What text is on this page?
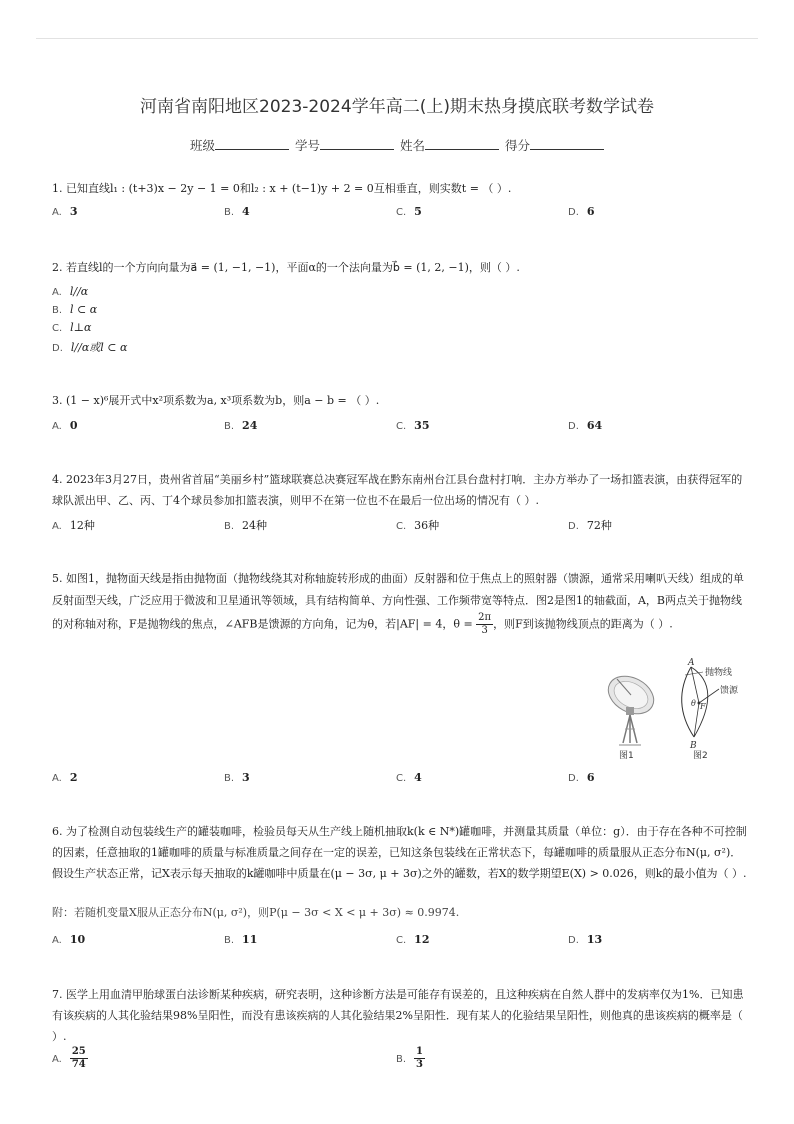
河南省南阳地区2023-2024学年高二(上)期末热身摸底联考数学试卷
班级	学号	姓名	得分
1. 已知直线l₁ : (t+3)x − 2y − 1 = 0和l₂ : x + (t−1)y + 2 = 0互相垂直，则实数t = （ ）.
A. 3	B. 4	C. 5	D. 6
2. 若直线l的一个方向向量为a⃗ = (1, −1, −1)，平面α的一个法向量为b⃗ = (1, 2, −1)，则（ ）.
A. l//α
B. l ⊂ α
C. l⊥α
D. l//α或l ⊂ α
3. (1 − x)⁶展开式中x²项系数为a, x³项系数为b，则a − b = （ ）.
A. 0	B. 24	C. 35	D. 64
4. 2023年3月27日，贵州省首届“美丽乡村”篮球联赛总决赛冠军战在黔东南州台江县台盘村打响．主办方举办了一场扣篮表演，由获得冠军的球队派出甲、乙、丙、丁4个球员参加扣篮表演，则甲不在第一位也不在最后一位出场的情况有（ ）.
A. 12种	B. 24种	C. 36种	D. 72种
5. 如图1，抛物面天线是指由抛物面（抛物线绕其对称轴旋转形成的曲面）反射器和位于焦点上的照射器（馈源，通常采用喇叭天线）组成的单反射面型天线，广泛应用于微波和卫星通讯等领域，具有结构简单、方向性强、工作频带宽等特点．图2是图1的轴截面，A，B两点关于抛物线的对称轴对称，F是抛物线的焦点，∠AFB是馈源的方向角，记为θ，若|AF| = 4，$\theta = \frac{2\pi}{3}$ ，则F到该抛物线顶点的距离为（ ）.
图1
A
B
F
θ
抛物线
馈源
图2
A. 2	B. 3	C. 4	D. 6
6. 为了检测自动包装线生产的罐装咖啡，检验员每天从生产线上随机抽取k(k ∈ N*)罐咖啡，并测量其质量（单位：g）．由于存在各种不可控制的因素，任意抽取的1罐咖啡的质量与标准质量之间存在一定的误差，已知这条包装线在正常状态下，每罐咖啡的质量服从正态分布N(μ, σ²)．假设生产状态正常，记X表示每天抽取的k罐咖啡中质量在(μ − 3σ, μ + 3σ)之外的罐数，若X的数学期望E(X) > 0.026，则k的最小值为（ ）.
附：若随机变量X服从正态分布N(μ, σ²)，则P(μ − 3σ < X < μ + 3σ) ≈ 0.9974.
A. 10	B. 11	C. 12	D. 13
7. 医学上用血清甲胎球蛋白法诊断某种疾病，研究表明，这种诊断方法是可能存有误差的，且这种疾病在自然人群中的发病率仅为1%．已知患有该疾病的人其化验结果98%呈阳性，而没有患该疾病的人其化验结果2%呈阳性．现有某人的化验结果呈阳性，则他真的患该疾病的概率是（ ）.
A. $\frac{25}{74}$	B. $\frac{1}{3}$
